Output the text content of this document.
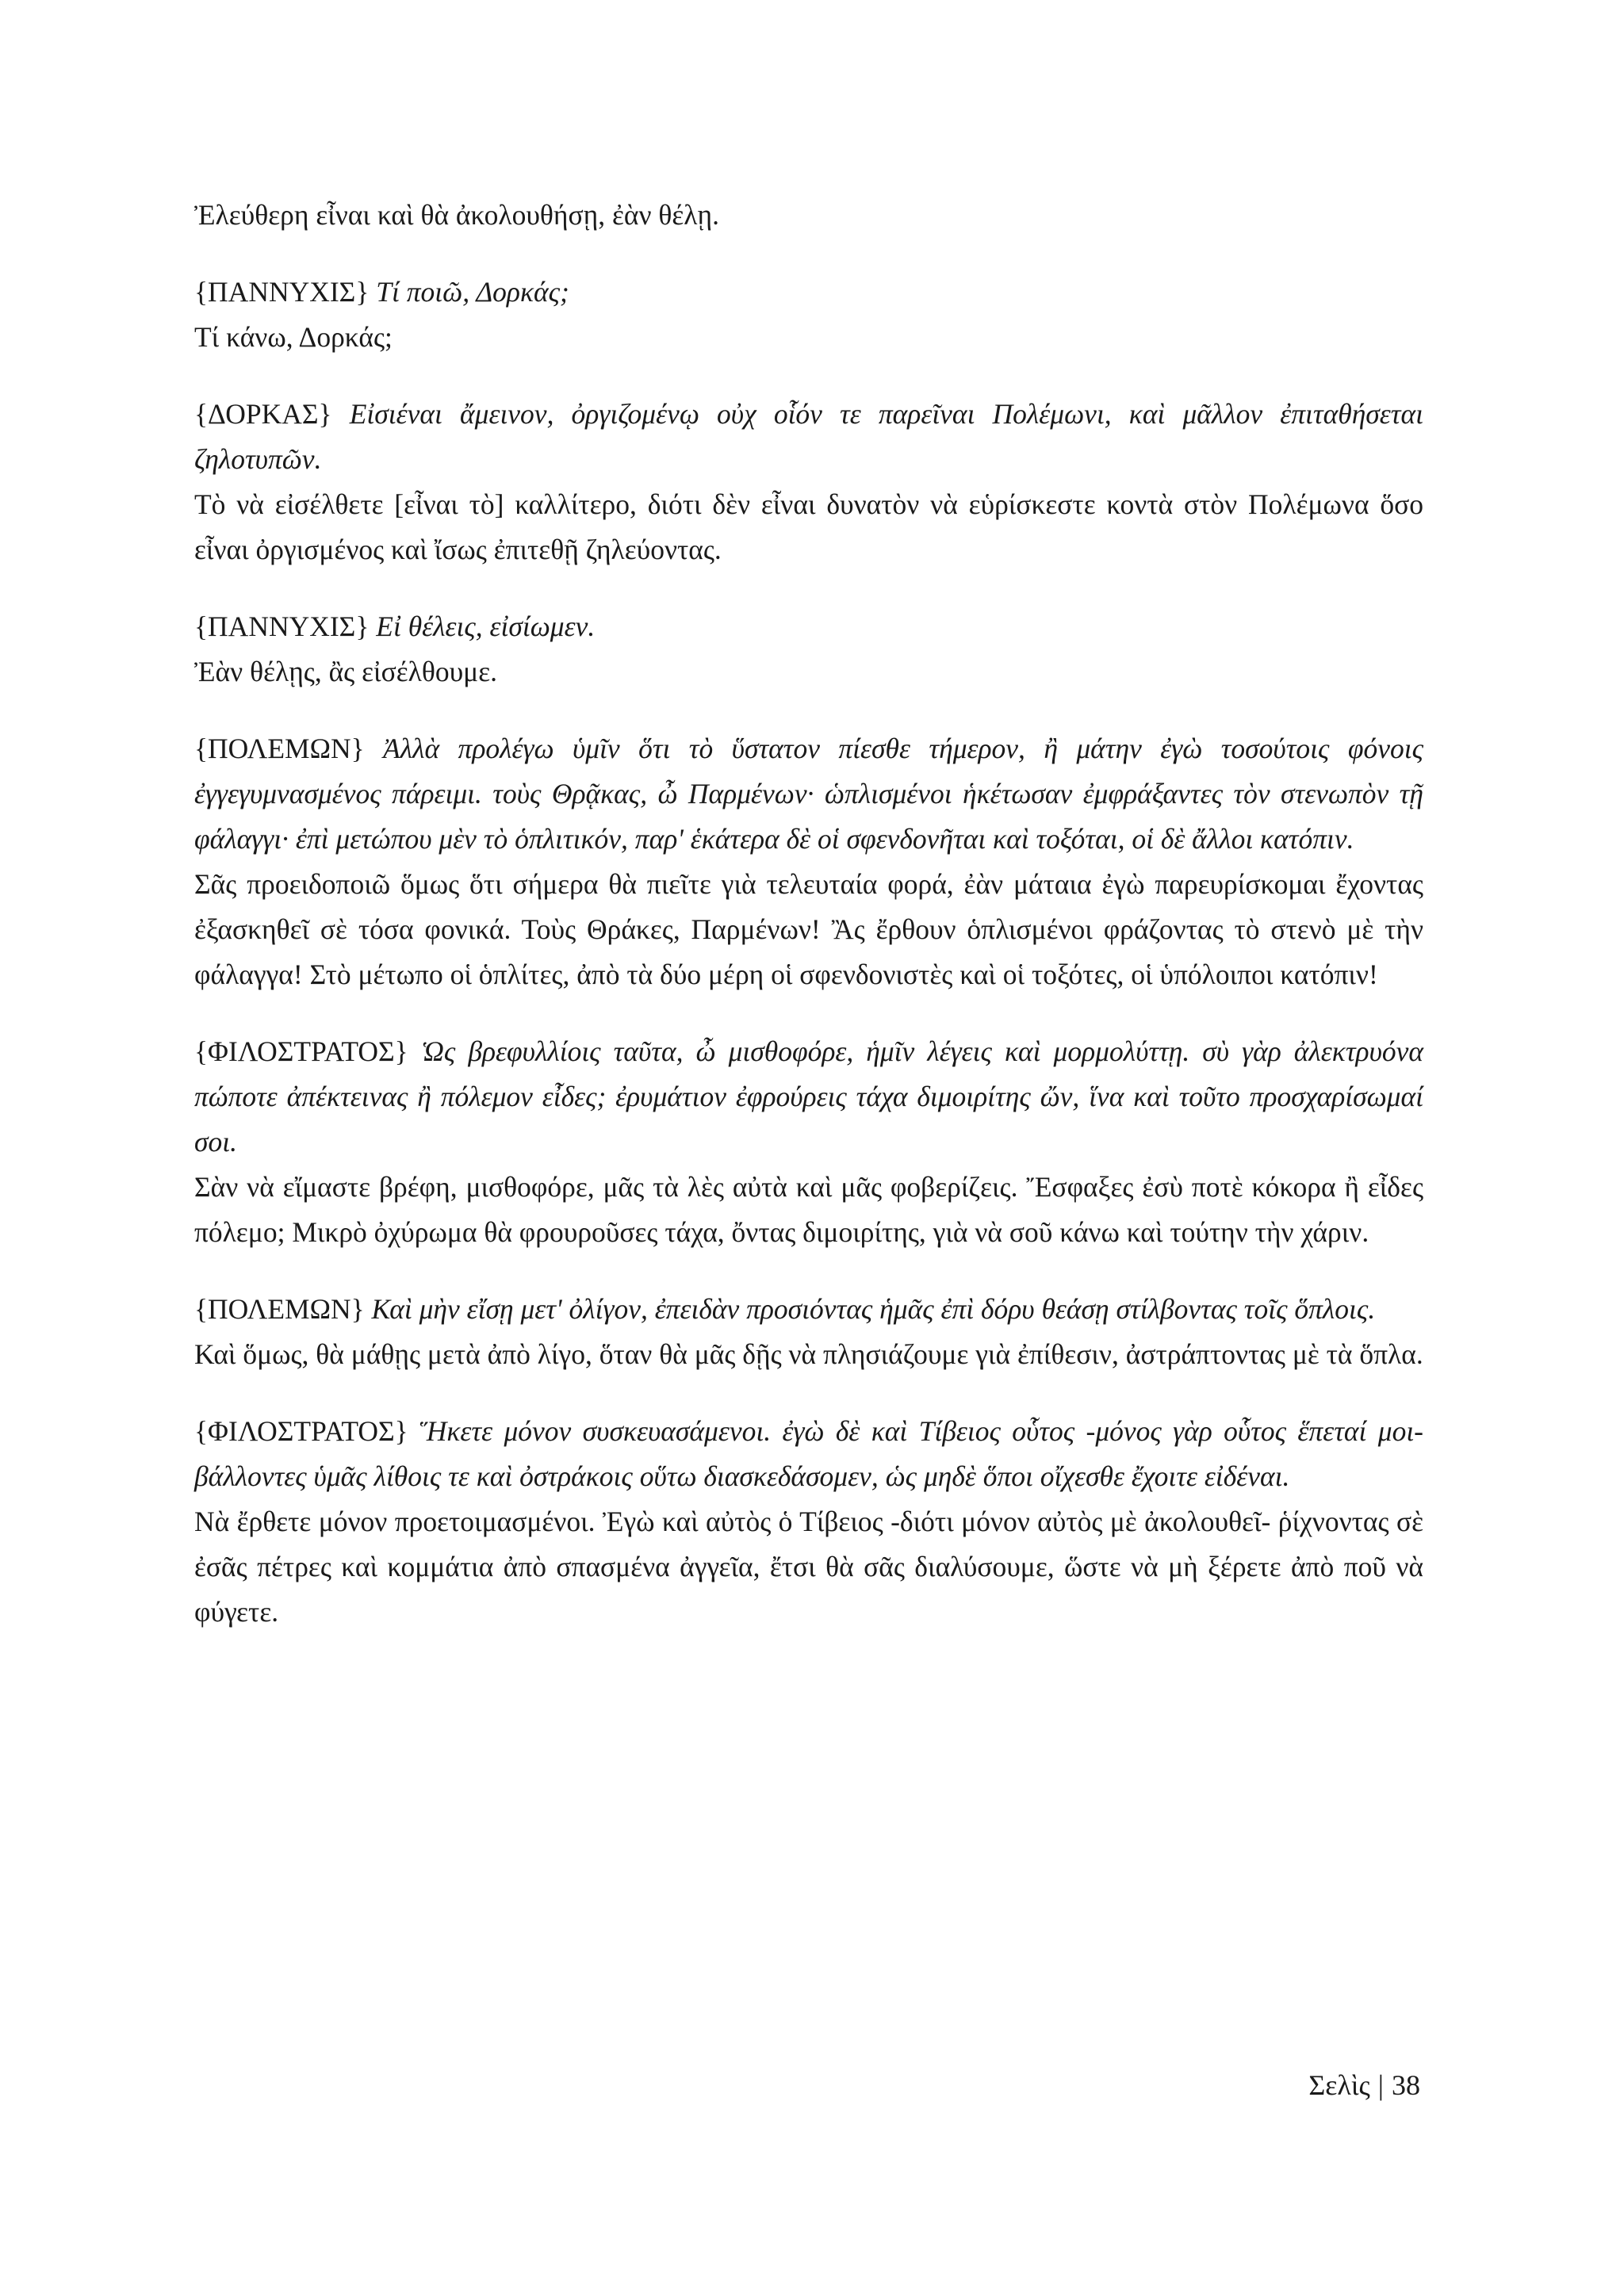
Ἐλεύθερη εἶναι καὶ θὰ ἀκολουθήσῃ, ἐὰν θέλῃ.

{ΠΑΝΝΥΧΙΣ} Τί ποιῶ, Δορκάς;

Τί κάνω, Δορκάς;

{ΔΟΡΚΑΣ} Εἰσιέναι ἄμεινον, ὀργιζομένῳ οὐχ οἷόν τε παρεῖναι Πολέμωνι, καὶ μᾶλλον ἐπιταθήσεται ζηλοτυπῶν.

Τὸ νὰ εἰσέλθετε [εἶναι τὸ] καλλίτερο, διότι δὲν εἶναι δυνατὸν νὰ εὑρίσκεστε κοντὰ στὸν Πολέμωνα ὅσο εἶναι ὀργισμένος καὶ ἴσως ἐπιτεθῇ ζηλεύοντας.

{ΠΑΝΝΥΧΙΣ} Εἰ θέλεις, εἰσίωμεν.

Ἐὰν θέλῃς, ἂς εἰσέλθουμε.

{ΠΟΛΕΜΩΝ} Ἀλλὰ προλέγω ὑμῖν ὅτι τὸ ὕστατον πίεσθε τήμερον, ἢ μάτην ἐγὼ τοσούτοις φόνοις ἐγγεγυμνασμένος πάρειμι. τοὺς Θρᾷκας, ὦ Παρμένων· ὡπλισμένοι ἡκέτωσαν ἐμφράξαντες τὸν στενωπὸν τῇ φάλαγγι· ἐπὶ μετώπου μὲν τὸ ὁπλιτικόν, παρ' ἑκάτερα δὲ οἱ σφενδονῆται καὶ τοξόται, οἱ δὲ ἄλλοι κατόπιν.

Σᾶς προειδοποιῶ ὅμως ὅτι σήμερα θὰ πιεῖτε γιὰ τελευταία φορά, ἐὰν μάταια ἐγὼ παρευρίσκομαι ἔχοντας ἐξασκηθεῖ σὲ τόσα φονικά. Τοὺς Θράκες, Παρμένων! Ἂς ἔρθουν ὁπλισμένοι φράζοντας τὸ στενὸ μὲ τὴν φάλαγγα! Στὸ μέτωπο οἱ ὁπλίτες, ἀπὸ τὰ δύο μέρη οἱ σφενδονιστὲς καὶ οἱ τοξότες, οἱ ὑπόλοιποι κατόπιν!

{ΦΙΛΟΣΤΡΑΤΟΣ} Ὡς βρεφυλλίοις ταῦτα, ὦ μισθοφόρε, ἡμῖν λέγεις καὶ μορμολύττῃ. σὺ γὰρ ἀλεκτρυόνα πώποτε ἀπέκτεινας ἢ πόλεμον εἶδες; ἐρυμάτιον ἐφρούρεις τάχα διμοιρίτης ὤν, ἵνα καὶ τοῦτο προσχαρίσωμαί σοι.

Σὰν νὰ εἴμαστε βρέφη, μισθοφόρε, μᾶς τὰ λὲς αὐτὰ καὶ μᾶς φοβερίζεις. Ἔσφαξες ἐσὺ ποτὲ κόκορα ἢ εἶδες πόλεμο; Μικρὸ ὀχύρωμα θὰ φρουροῦσες τάχα, ὄντας διμοιρίτης, γιὰ νὰ σοῦ κάνω καὶ τούτην τὴν χάριν.

{ΠΟΛΕΜΩΝ} Καὶ μὴν εἴσῃ μετ' ὀλίγον, ἐπειδὰν προσιόντας ἡμᾶς ἐπὶ δόρυ θεάσῃ στίλβοντας τοῖς ὅπλοις.

Καὶ ὅμως, θὰ μάθῃς μετὰ ἀπὸ λίγο, ὅταν θὰ μᾶς δῇς νὰ πλησιάζουμε γιὰ ἐπίθεσιν, ἀστράπτοντας μὲ τὰ ὅπλα.

{ΦΙΛΟΣΤΡΑΤΟΣ} Ἥκετε μόνον συσκευασάμενοι. ἐγὼ δὲ καὶ Τίβειος οὗτος -μόνος γὰρ οὗτος ἕπεταί μοι- βάλλοντες ὑμᾶς λίθοις τε καὶ ὀστράκοις οὕτω διασκεδάσομεν, ὡς μηδὲ ὅποι οἴχεσθε ἔχοιτε εἰδέναι.

Νὰ ἔρθετε μόνον προετοιμασμένοι. Ἐγὼ καὶ αὐτὸς ὁ Τίβειος -διότι μόνον αὐτὸς μὲ ἀκολουθεῖ- ῥίχνοντας σὲ ἐσᾶς πέτρες καὶ κομμάτια ἀπὸ σπασμένα ἀγγεῖα, ἔτσι θὰ σᾶς διαλύσουμε, ὥστε νὰ μὴ ξέρετε ἀπὸ ποῦ νὰ φύγετε.

Σελὶς | 38
